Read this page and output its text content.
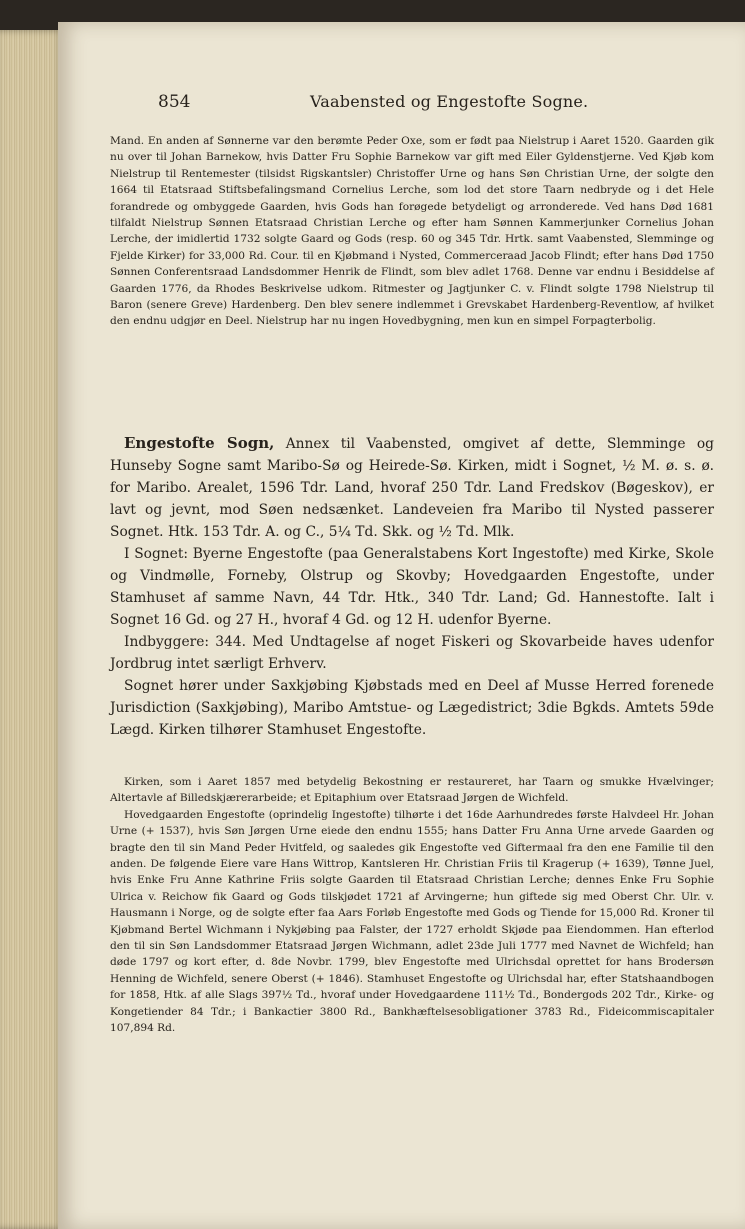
854	Vaabensted og Engestofte Sogne.

Mand. En anden af Sønnerne var den berømte Peder Oxe, som er født paa Nielstrup i Aaret 1520. Gaarden gik nu over til Johan Barnekow, hvis Datter Fru Sophie Barnekow var gift med Eiler Gyldenstjerne. Ved Kjøb kom Nielstrup til Rentemester (tilsidst Rigskantsler) Christoffer Urne og hans Søn Christian Urne, der solgte den 1664 til Etatsraad Stiftsbefalingsmand Cornelius Lerche, som lod det store Taarn nedbryde og i det Hele forandrede og ombyggede Gaarden, hvis Gods han forøgede betydeligt og arronderede. Ved hans Død 1681 tilfaldt Nielstrup Sønnen Etatsraad Christian Lerche og efter ham Sønnen Kammerjunker Cornelius Johan Lerche, der imidlertid 1732 solgte Gaard og Gods (resp. 60 og 345 Tdr. Hrtk. samt Vaabensted, Slemminge og Fjelde Kirker) for 33,000 Rd. Cour. til en Kjøbmand i Nysted, Commerceraad Jacob Flindt; efter hans Død 1750 Sønnen Conferentsraad Landsdommer Henrik de Flindt, som blev adlet 1768. Denne var endnu i Besiddelse af Gaarden 1776, da Rhodes Beskrivelse udkom. Ritmester og Jagtjunker C. v. Flindt solgte 1798 Nielstrup til Baron (senere Greve) Hardenberg. Den blev senere indlemmet i Grevskabet Hardenberg-Reventlow, af hvilket den endnu udgjør en Deel. Nielstrup har nu ingen Hovedbygning, men kun en simpel Forpagterbolig.

Engestofte Sogn, Annex til Vaabensted, omgivet af dette, Slemminge og Hunseby Sogne samt Maribo-Sø og Heirede-Sø. Kirken, midt i Sognet, ½ M. ø. s. ø. for Maribo. Arealet, 1596 Tdr. Land, hvoraf 250 Tdr. Land Fredskov (Bøgeskov), er lavt og jevnt, mod Søen nedsænket. Landeveien fra Maribo til Nysted passerer Sognet. Htk. 153 Tdr. A. og C., 5¼ Td. Skk. og ½ Td. Mlk.

I Sognet: Byerne Engestofte (paa Generalstabens Kort Ingestofte) med Kirke, Skole og Vindmølle, Forneby, Olstrup og Skovby; Hovedgaarden Engestofte, under Stamhuset af samme Navn, 44 Tdr. Htk., 340 Tdr. Land; Gd. Hannestofte. Ialt i Sognet 16 Gd. og 27 H., hvoraf 4 Gd. og 12 H. udenfor Byerne.

Indbyggere: 344. Med Undtagelse af noget Fiskeri og Skovarbeide haves udenfor Jordbrug intet særligt Erhverv.

Sognet hører under Saxkjøbing Kjøbstads med en Deel af Musse Herred forenede Jurisdiction (Saxkjøbing), Maribo Amtstue- og Lægedistrict; 3die Bgkds. Amtets 59de Lægd. Kirken tilhører Stamhuset Engestofte.

Kirken, som i Aaret 1857 med betydelig Bekostning er restaureret, har Taarn og smukke Hvælvinger; Altertavle af Billedskjærerarbeide; et Epitaphium over Etatsraad Jørgen de Wichfeld.

Hovedgaarden Engestofte (oprindelig Ingestofte) tilhørte i det 16de Aarhundredes første Halvdeel Hr. Johan Urne (+ 1537), hvis Søn Jørgen Urne eiede den endnu 1555; hans Datter Fru Anna Urne arvede Gaarden og bragte den til sin Mand Peder Hvitfeld, og saaledes gik Engestofte ved Giftermaal fra den ene Familie til den anden. De følgende Eiere vare Hans Wittrop, Kantsleren Hr. Christian Friis til Kragerup (+ 1639), Tønne Juel, hvis Enke Fru Anne Kathrine Friis solgte Gaarden til Etatsraad Christian Lerche; dennes Enke Fru Sophie Ulrica v. Reichow fik Gaard og Gods tilskjødet 1721 af Arvingerne; hun giftede sig med Oberst Chr. Ulr. v. Hausmann i Norge, og de solgte efter faa Aars Forløb Engestofte med Gods og Tiende for 15,000 Rd. Kroner til Kjøbmand Bertel Wichmann i Nykjøbing paa Falster, der 1727 erholdt Skjøde paa Eiendommen. Han efterlod den til sin Søn Landsdommer Etatsraad Jørgen Wichmann, adlet 23de Juli 1777 med Navnet de Wichfeld; han døde 1797 og kort efter, d. 8de Novbr. 1799, blev Engestofte med Ulrichsdal oprettet for hans Brodersøn Henning de Wichfeld, senere Oberst (+ 1846). Stamhuset Engestofte og Ulrichsdal har, efter Statshaandbogen for 1858, Htk. af alle Slags 397½ Td., hvoraf under Hovedgaardene 111½ Td., Bondergods 202 Tdr., Kirke- og Kongetiender 84 Tdr.; i Bankactier 3800 Rd., Bankhæftelsesobligationer 3783 Rd., Fideicommiscapitaler 107,894 Rd.
